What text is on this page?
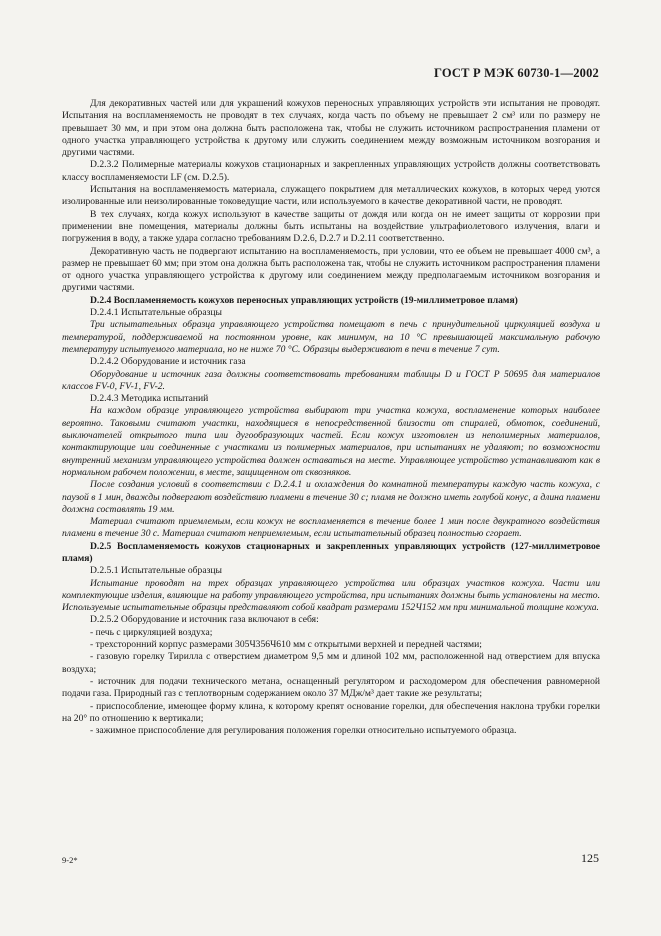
ГОСТ Р МЭК 60730-1—2002

Для декоративных частей или для украшений кожухов переносных управляющих устройств эти испытания не проводят. Испытания на воспламеняемость не проводят в тех случаях, когда часть по объему не превышает 2 см³ или по размеру не превышает 30 мм, и при этом она должна быть расположена так, чтобы не служить источником распространения пламени от одного участка управляющего устройства к другому или служить соединением между возможным источником возгорания и другими частями.

D.2.3.2 Полимерные материалы кожухов стационарных и закрепленных управляющих устройств должны соответствовать классу воспламеняемости LF (см. D.2.5).

Испытания на воспламеняемость материала, служащего покрытием для металлических кожухов, в которых черед уются изолированные или неизолированные токоведущие части, или используемого в качестве декоративной части, не проводят.

В тех случаях, когда кожух используют в качестве защиты от дождя или когда он не имеет защиты от коррозии при применении вне помещения, материалы должны быть испытаны на воздействие ультрафиолетового излучения, влаги и погружения в воду, а также удара согласно требованиям D.2.6, D.2.7 и D.2.11 соответственно.

Декоративную часть не подвергают испытанию на воспламеняемость, при условии, что ее объем не превышает 4000 см³, а размер не превышает 60 мм; при этом она должна быть расположена так, чтобы не служить источником распространения пламени от одного участка управляющего устройства к другому или соединением между предполагаемым источником возгорания и другими частями.

D.2.4 Воспламеняемость кожухов переносных управляющих устройств (19-миллиметровое пламя)

D.2.4.1 Испытательные образцы

Три испытательных образца управляющего устройства помещают в печь с принудительной циркуляцией воздуха и температурой, поддерживаемой на постоянном уровне, как минимум, на 10 °С превышающей максимальную рабочую температуру испытуемого материала, но не ниже 70 °С. Образцы выдерживают в печи в течение 7 сут.

D.2.4.2 Оборудование и источник газа

Оборудование и источник газа должны соответствовать требованиям таблицы D и ГОСТ Р 50695 для материалов классов FV-0, FV-1, FV-2.

D.2.4.3 Методика испытаний

На каждом образце управляющего устройства выбирают три участка кожуха, воспламенение которых наиболее вероятно. Таковыми считают участки, находящиеся в непосредственной близости от спиралей, обмоток, соединений, выключателей открытого типа или дугообразующих частей. Если кожух изготовлен из неполимерных материалов, контактирующие или соединенные с участками из полимерных материалов, при испытаниях не удаляют; по возможности внутренний механизм управляющего устройства должен оставаться на месте. Управляющее устройство устанавливают как в нормальном рабочем положении, в месте, защищенном от сквозняков.

После создания условий в соответствии с D.2.4.1 и охлаждения до комнатной температуры каждую часть кожуха, с паузой в 1 мин, дважды подвергают воздействию пламени в течение 30 с; пламя не должно иметь голубой конус, а длина пламени должна составлять 19 мм.

Материал считают приемлемым, если кожух не воспламеняется в течение более 1 мин после двукратного воздействия пламени в течение 30 с. Материал считают неприемлемым, если испытательный образец полностью сгорает.

D.2.5 Воспламеняемость кожухов стационарных и закрепленных управляющих устройств (127-миллиметровое пламя)

D.2.5.1 Испытательные образцы

Испытание проводят на трех образцах управляющего устройства или образцах участков кожуха. Части или комплектующие изделия, влияющие на работу управляющего устройства, при испытаниях должны быть установлены на место. Используемые испытательные образцы представляют собой квадрат размерами 152Ч152 мм при минимальной толщине кожуха.

D.2.5.2 Оборудование и источник газа включают в себя:

- печь с циркуляцией воздуха;

- трехсторонний корпус размерами 305Ч356Ч610 мм с открытыми верхней и передней частями;

- газовую горелку Тирилла с отверстием диаметром 9,5 мм и длиной 102 мм, расположенной над отверстием для впуска воздуха;

- источник для подачи технического метана, оснащенный регулятором и расходомером для обеспечения равномерной подачи газа. Природный газ с теплотворным содержанием около 37 МДж/м³ дает такие же результаты;

- приспособление, имеющее форму клина, к которому крепят основание горелки, для обеспечения наклона трубки горелки на 20° по отношению к вертикали;

- зажимное приспособление для регулирования положения горелки относительно испытуемого образца.

9-2*	125
